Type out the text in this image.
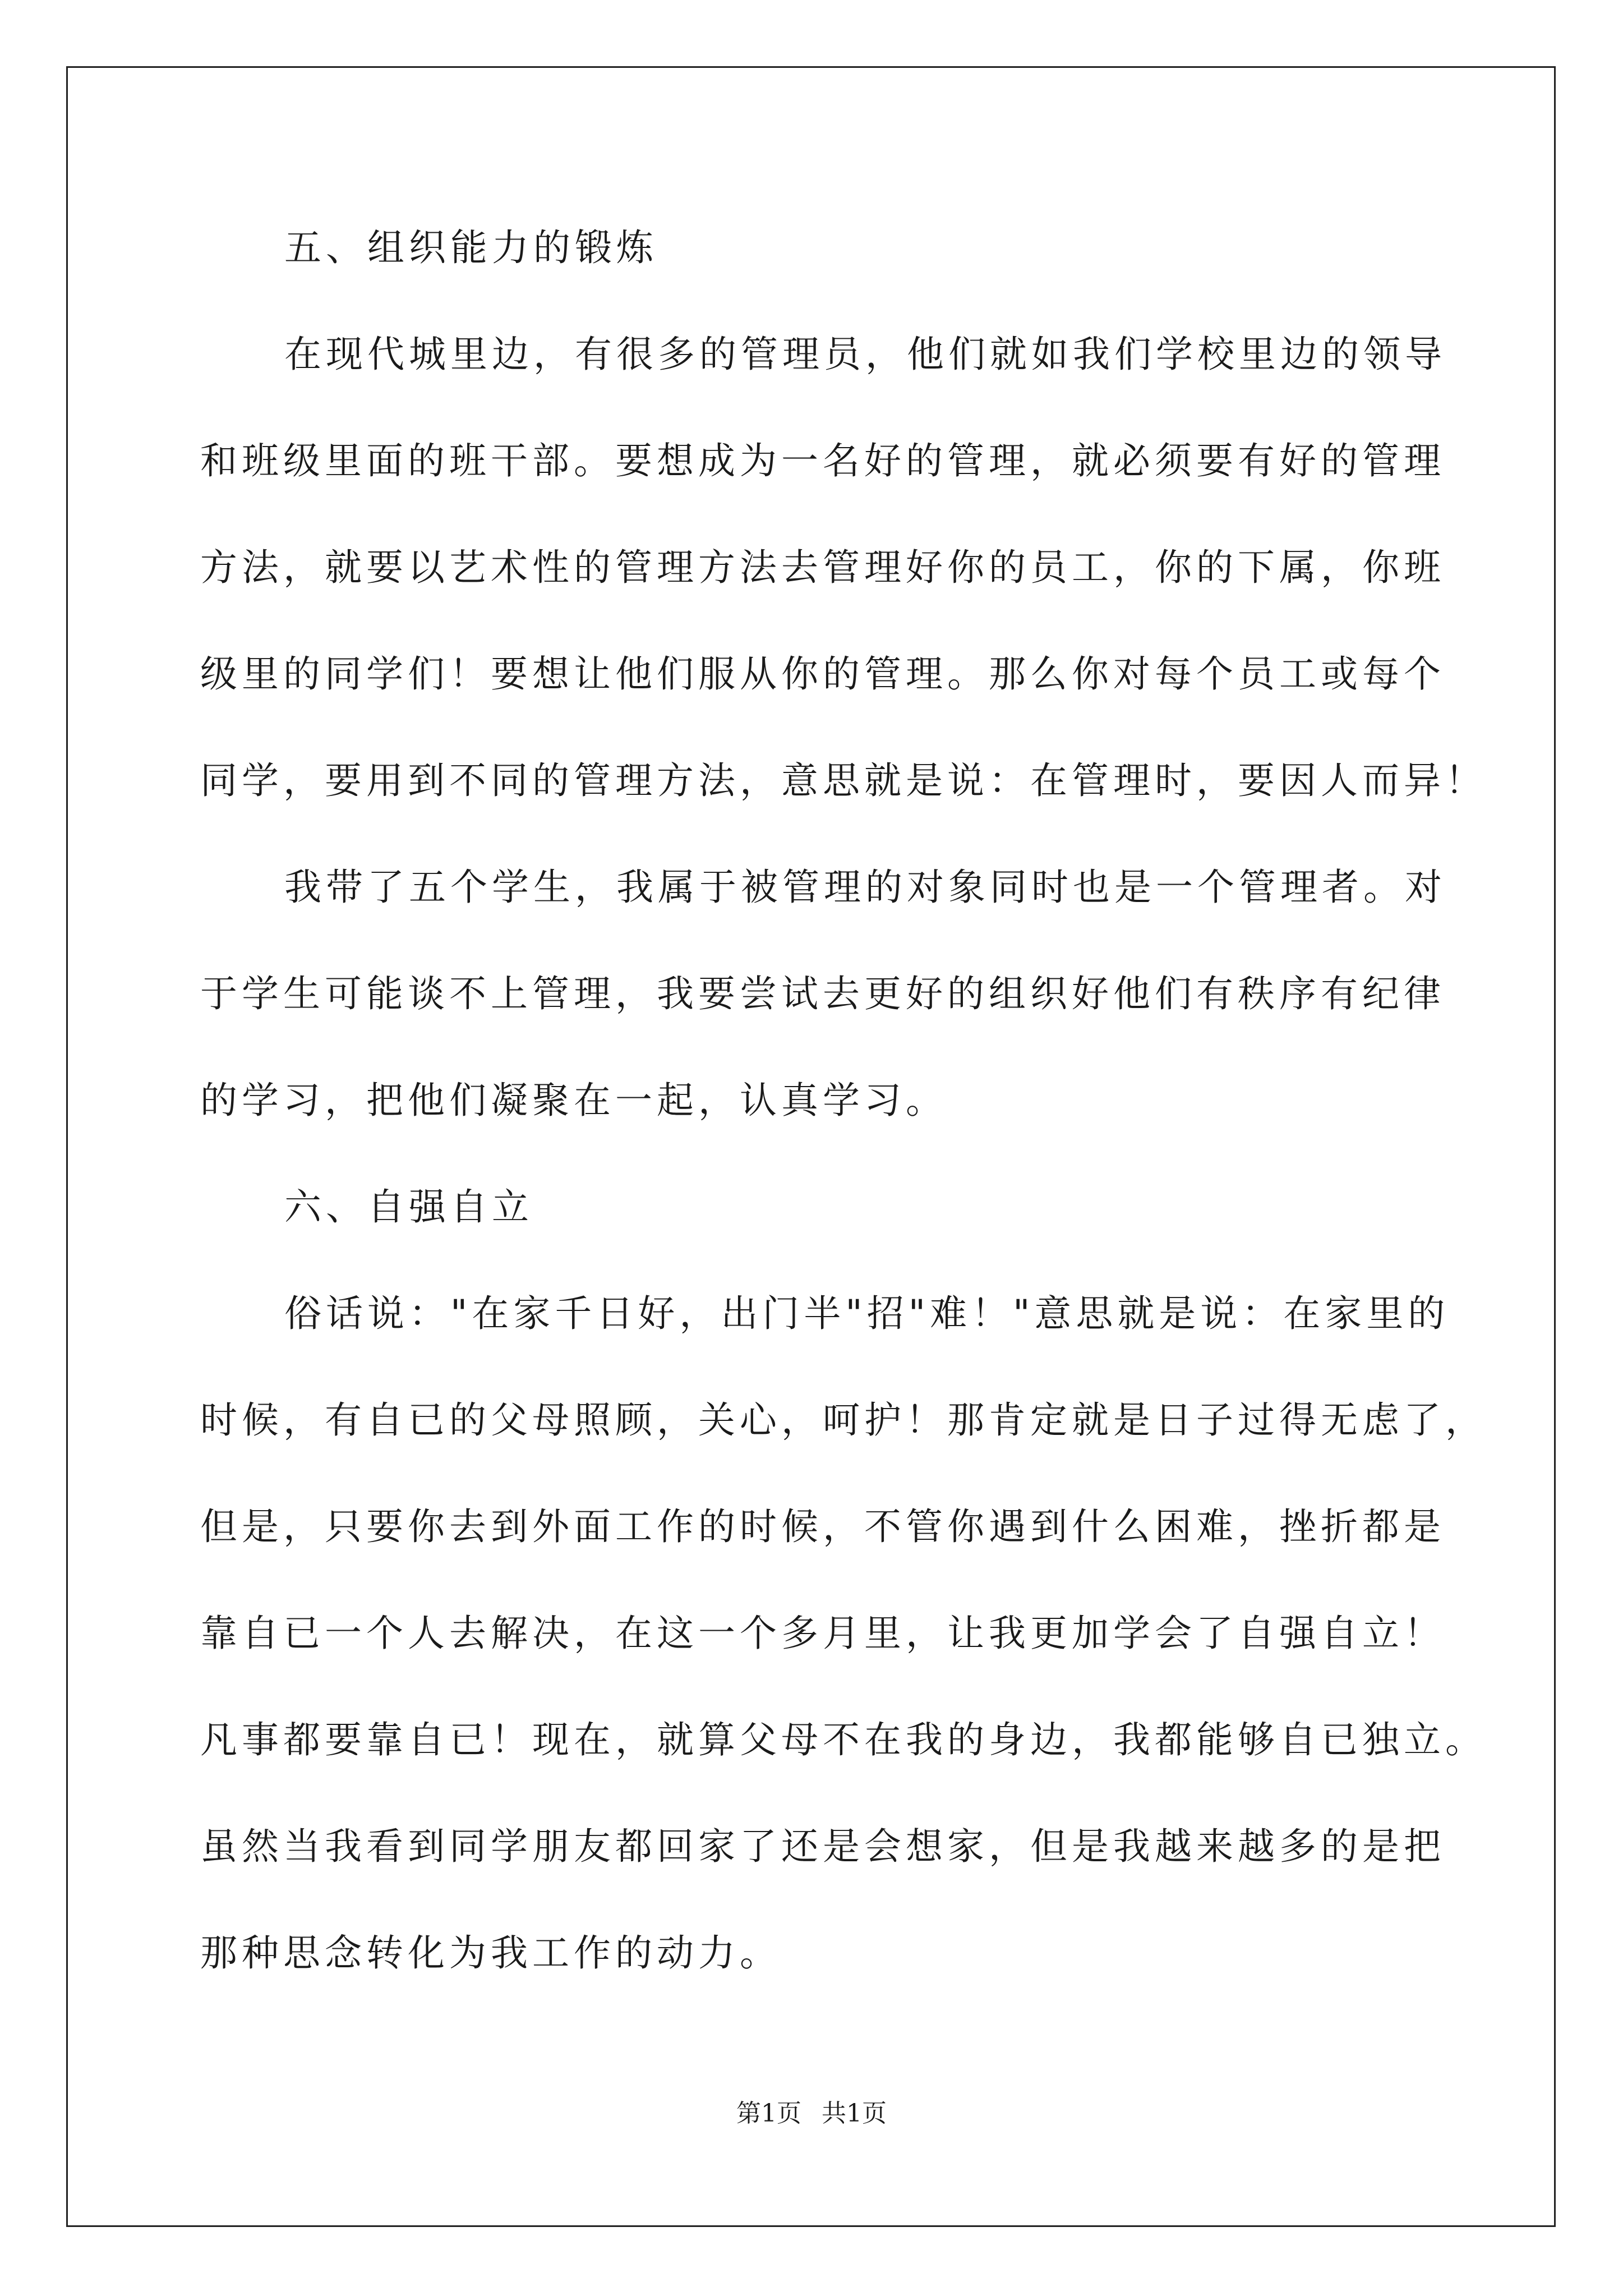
五、组织能力的锻炼
在现代城里边，有很多的管理员，他们就如我们学校里边的领导
和班级里面的班干部。要想成为一名好的管理，就必须要有好的管理
方法，就要以艺术性的管理方法去管理好你的员工，你的下属，你班
级里的同学们！要想让他们服从你的管理。那么你对每个员工或每个
同学，要用到不同的管理方法，意思就是说：在管理时，要因人而异！
我带了五个学生，我属于被管理的对象同时也是一个管理者。对
于学生可能谈不上管理，我要尝试去更好的组织好他们有秩序有纪律
的学习，把他们凝聚在一起，认真学习。
六、自强自立
俗话说："在家千日好，出门半"招"难！"意思就是说：在家里的
时候，有自已的父母照顾，关心，呵护！那肯定就是日子过得无虑了，
但是，只要你去到外面工作的时候，不管你遇到什么困难，挫折都是
靠自已一个人去解决，在这一个多月里，让我更加学会了自强自立！
凡事都要靠自已！现在，就算父母不在我的身边，我都能够自已独立。
虽然当我看到同学朋友都回家了还是会想家，但是我越来越多的是把
那种思念转化为我工作的动力。
第1页 共1页
